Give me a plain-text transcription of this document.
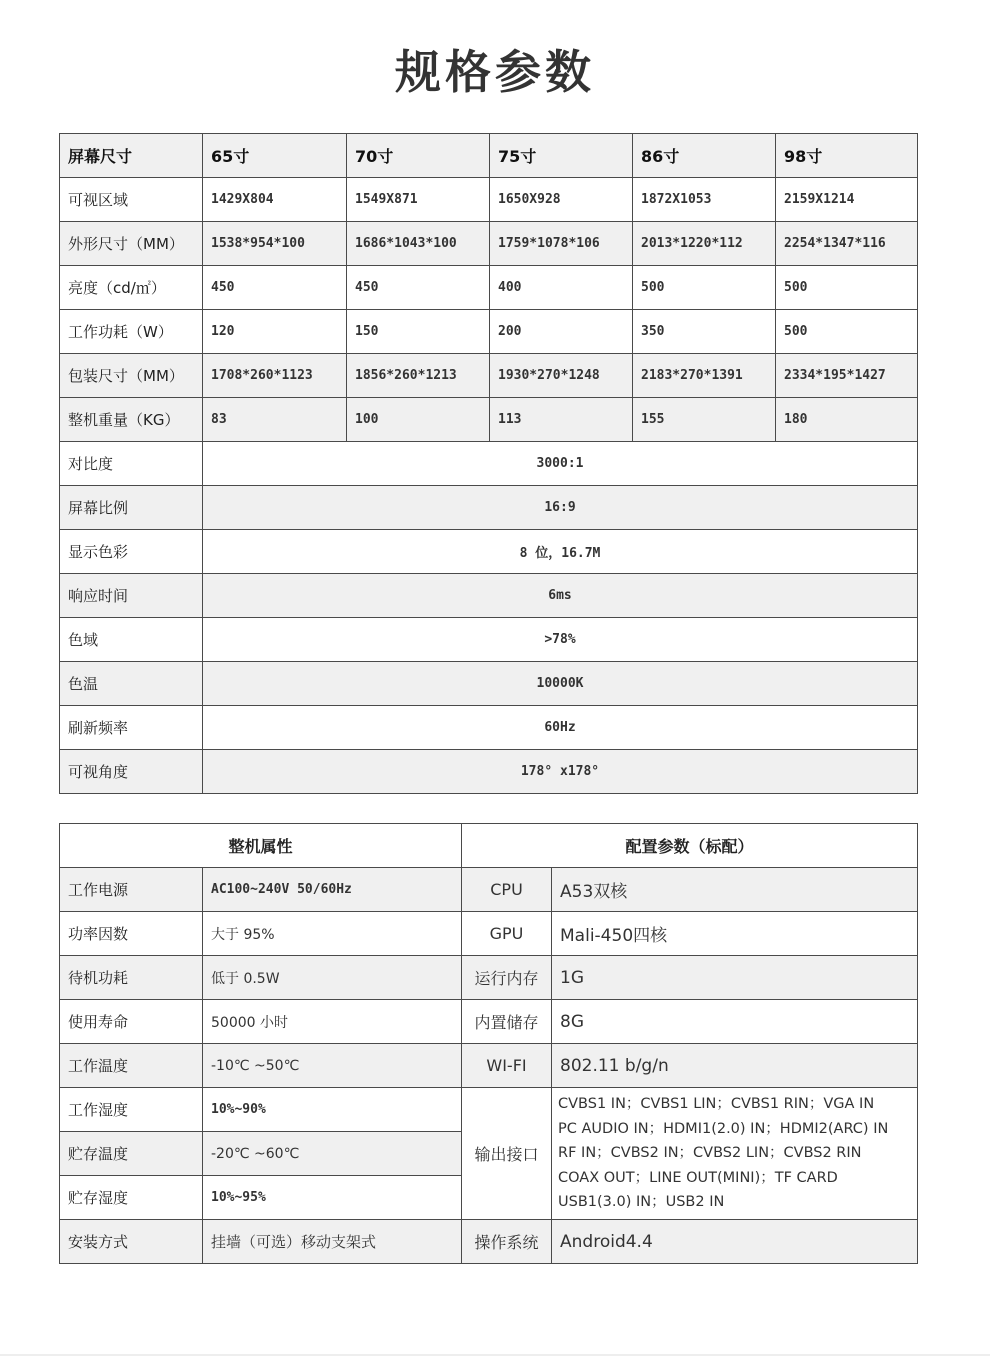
规格参数
屏幕尺寸	65寸	70寸	75寸	86寸	98寸
可视区域	1429X804	1549X871	1650X928	1872X1053	2159X1214
外形尺寸（MM）	1538*954*100	1686*1043*100	1759*1078*106	2013*1220*112	2254*1347*116
亮度（cd/㎡）	450	450	400	500	500
工作功耗（W）	120	150	200	350	500
包装尺寸（MM）	1708*260*1123	1856*260*1213	1930*270*1248	2183*270*1391	2334*195*1427
整机重量（KG）	83	100	113	155	180
对比度	3000:1				
屏幕比例	16:9				
显示色彩	8 位，16.7M				
响应时间	6ms				
色域	>78%				
色温	10000K				
刷新频率	60Hz				
可视角度	178° x178°				
整机属性		配置参数（标配）	
工作电源	AC100~240V 50/60Hz	CPU	A53双核
功率因数	大于 95%	GPU	Mali-450四核
待机功耗	低于 0.5W	运行内存	1G
使用寿命	50000 小时	内置储存	8G
工作温度	-10℃ ~50℃	WI-FI	802.11 b/g/n
工作湿度	10%~90%	输出接口	CVBS1 IN；CVBS1 LIN；CVBS1 RIN；VGA IN
PC AUDIO IN；HDMI1(2.0) IN；HDMI2(ARC) IN
RF IN；CVBS2 IN；CVBS2 LIN；CVBS2 RIN
COAX OUT；LINE OUT(MINI)；TF CARD
USB1(3.0) IN；USB2 IN

贮存温度	-20℃ ~60℃		
贮存湿度	10%~95%		
安装方式	挂墙（可选）移动支架式	操作系统	Android4.4
